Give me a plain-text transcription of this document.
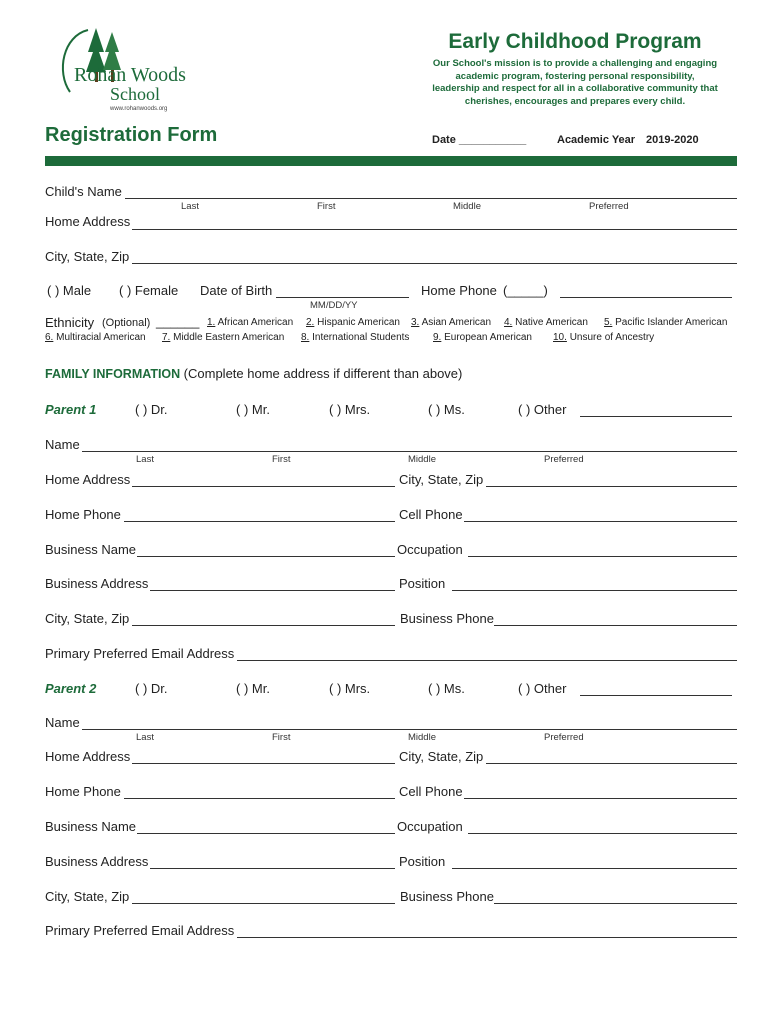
Rohan Woods
School
www.rohanwoods.org
Early Childhood Program
Our School's mission is to provide a challenging and engaging
academic program, fostering personal responsibility,
leadership and respect for all in a collaborative community that
cherishes, encourages and prepares every child.
Registration Form	Date ___________	Academic Year 2019-2020
Child's Name
Last	First	Middle	Preferred
Home Address
City, State, Zip
( ) Male ( ) Female Date of Birth
MM/DD/YY
Home Phone (_____)
Ethnicity (Optional) ______ 1. African American 2. Hispanic American 3. Asian American 4. Native American 5. Pacific Islander American
6. Multiracial American 7. Middle Eastern American 8. International Students 9. European American 10. Unsure of Ancestry
FAMILY INFORMATION (Complete home address if different than above)
Parent 1	( ) Dr.	( ) Mr.	( ) Mrs.	( ) Ms.	( ) Other
Name
Last	First	Middle	Preferred
Home Address	City, State, Zip
Home Phone	Cell Phone
Business Name	Occupation
Business Address	Position
City, State, Zip	Business Phone
Primary Preferred Email Address
Parent 2	( ) Dr.	( ) Mr.	( ) Mrs.	( ) Ms.	( ) Other
Name
Last	First	Middle	Preferred
Home Address	City, State, Zip
Home Phone	Cell Phone
Business Name	Occupation
Business Address	Position
City, State, Zip	Business Phone
Primary Preferred Email Address
